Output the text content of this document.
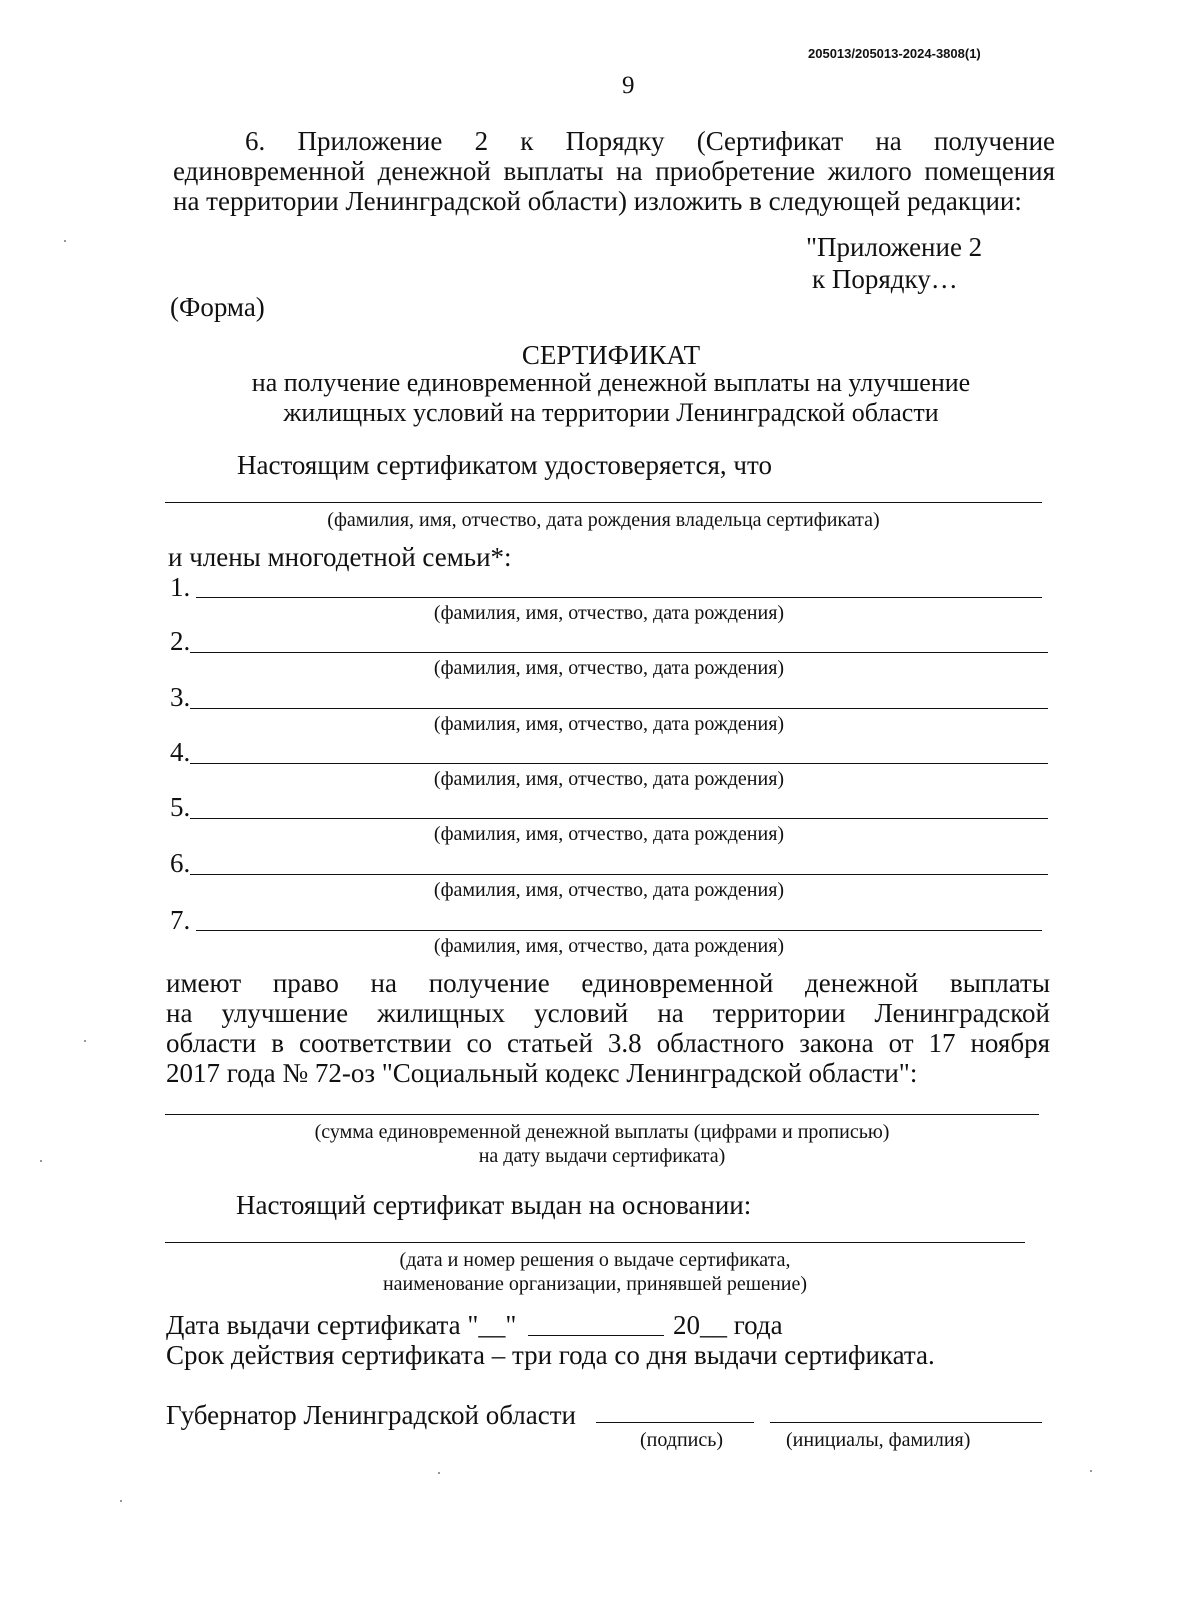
205013/205013-2024-3808(1)
9
6. Приложение 2 к Порядку (Сертификат на получение
единовременной денежной выплаты на приобретение жилого помещения
на территории Ленинградской области) изложить в следующей редакции:
"Приложение 2
к Порядку…
(Форма)
СЕРТИФИКАТ
на получение единовременной денежной выплаты на улучшение
жилищных условий на территории Ленинградской области
Настоящим сертификатом удостоверяется, что
(фамилия, имя, отчество, дата рождения владельца сертификата)
и члены многодетной семьи*:
1.
(фамилия, имя, отчество, дата рождения)
2.
(фамилия, имя, отчество, дата рождения)
3.
(фамилия, имя, отчество, дата рождения)
4.
(фамилия, имя, отчество, дата рождения)
5.
(фамилия, имя, отчество, дата рождения)
6.
(фамилия, имя, отчество, дата рождения)
7.
(фамилия, имя, отчество, дата рождения)
имеют право на получение единовременной денежной выплаты
на улучшение жилищных условий на территории Ленинградской
области в соответствии со статьей 3.8 областного закона от 17 ноября
2017 года № 72-оз "Социальный кодекс Ленинградской области":
(сумма единовременной денежной выплаты (цифрами и прописью)
на дату выдачи сертификата)
Настоящий сертификат выдан на основании:
(дата и номер решения о выдаче сертификата,
наименование организации, принявшей решение)
Дата выдачи сертификата "__"	20__ года
Срок действия сертификата – три года со дня выдачи сертификата.
Губернатор Ленинградской области
(подпись)	(инициалы, фамилия)
